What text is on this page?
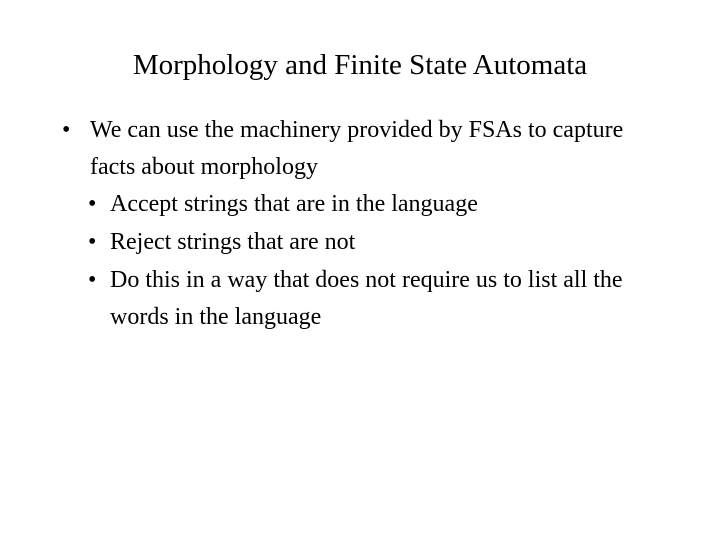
Morphology and Finite State Automata
• We can use the machinery provided by FSAs to capture facts about morphology
• Accept strings that are in the language
• Reject strings that are not
• Do this in a way that does not require us to list all the words in the language
